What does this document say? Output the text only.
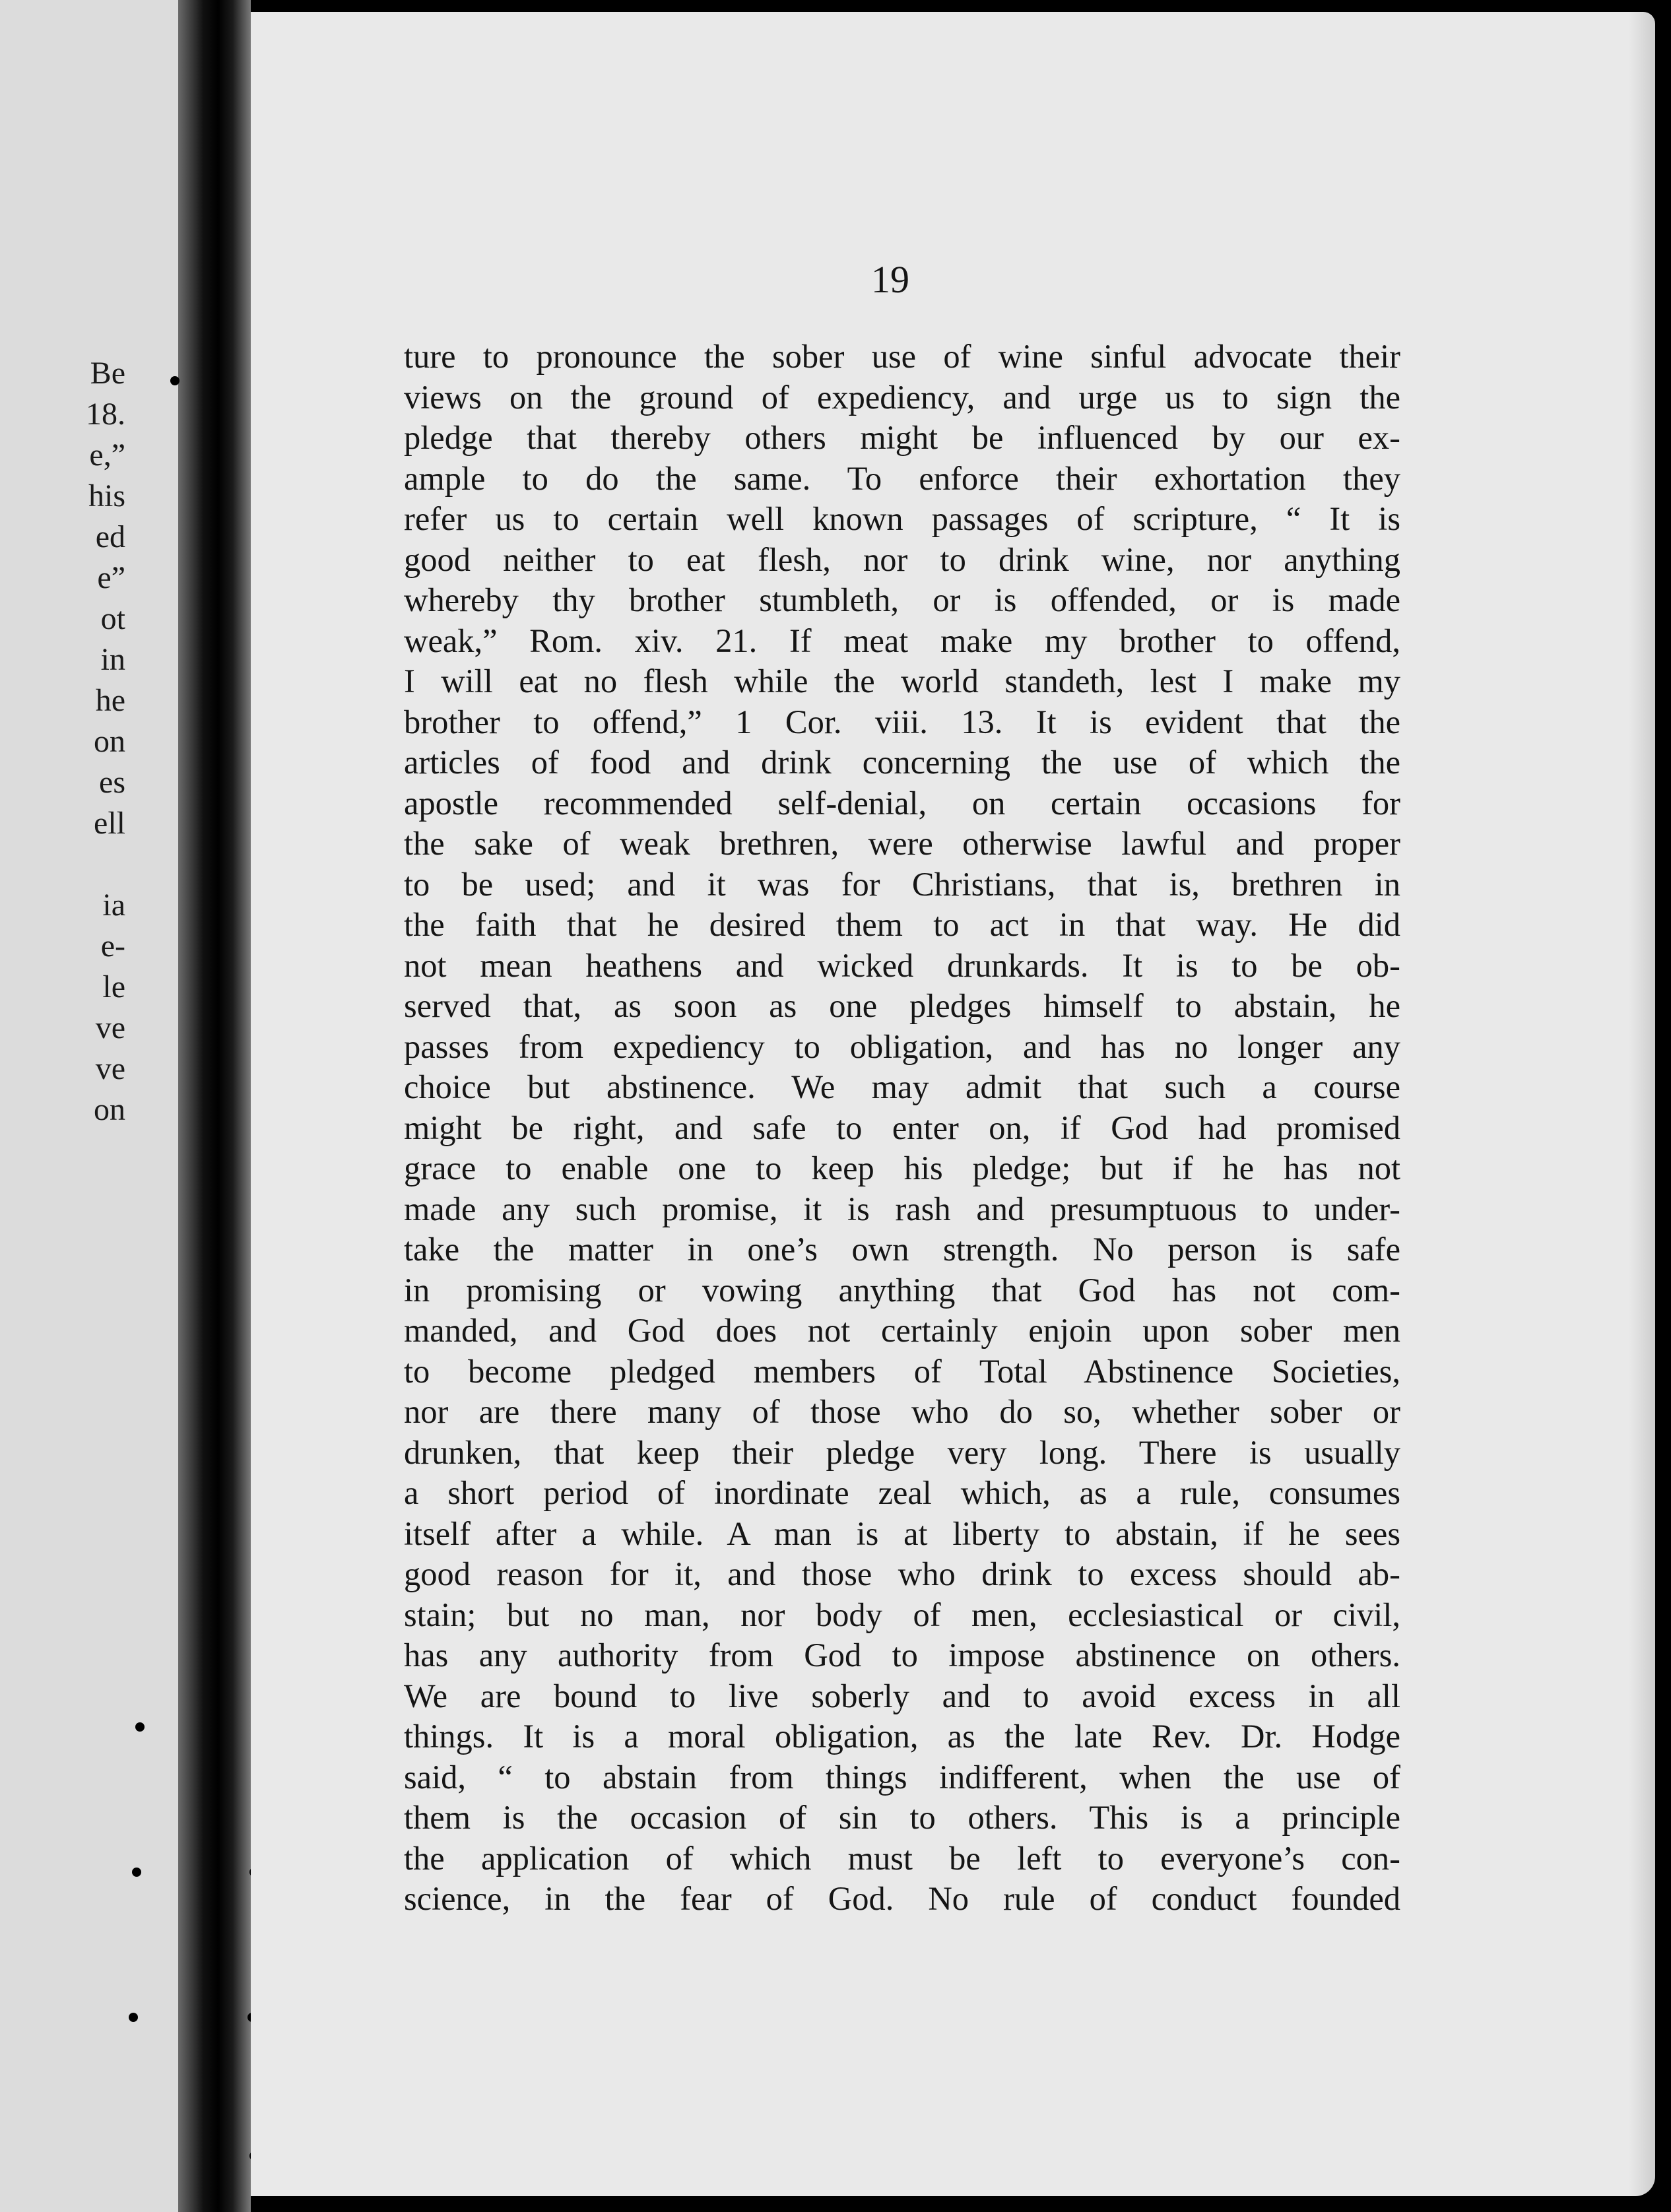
Be
18.
e,”
his
ed
e”
ot
in
he
on
es
ell
ia
e-
le
ve
ve
on
19
ture to pronounce the sober use of wine sinful advocate their
views on the ground of expediency, and urge us to sign the
pledge that thereby others might be influenced by our ex-
ample to do the same. To enforce their exhortation they
refer us to certain well known passages of scripture, “ It is
good neither to eat flesh, nor to drink wine, nor anything
whereby thy brother stumbleth, or is offended, or is made
weak,” Rom. xiv. 21. If meat make my brother to offend,
I will eat no flesh while the world standeth, lest I make my
brother to offend,” 1 Cor. viii. 13. It is evident that the
articles of food and drink concerning the use of which the
apostle recommended self-denial, on certain occasions for
the sake of weak brethren, were otherwise lawful and proper
to be used; and it was for Christians, that is, brethren in
the faith that he desired them to act in that way. He did
not mean heathens and wicked drunkards. It is to be ob-
served that, as soon as one pledges himself to abstain, he
passes from expediency to obligation, and has no longer any
choice but abstinence. We may admit that such a course
might be right, and safe to enter on, if God had promised
grace to enable one to keep his pledge; but if he has not
made any such promise, it is rash and presumptuous to under-
take the matter in one’s own strength. No person is safe
in promising or vowing anything that God has not com-
manded, and God does not certainly enjoin upon sober men
to become pledged members of Total Abstinence Societies,
nor are there many of those who do so, whether sober or
drunken, that keep their pledge very long. There is usually
a short period of inordinate zeal which, as a rule, consumes
itself after a while. A man is at liberty to abstain, if he sees
good reason for it, and those who drink to excess should ab-
stain; but no man, nor body of men, ecclesiastical or civil,
has any authority from God to impose abstinence on others.
We are bound to live soberly and to avoid excess in all
things. It is a moral obligation, as the late Rev. Dr. Hodge
said, “ to abstain from things indifferent, when the use of
them is the occasion of sin to others. This is a principle
the application of which must be left to everyone’s con-
science, in the fear of God. No rule of conduct founded
